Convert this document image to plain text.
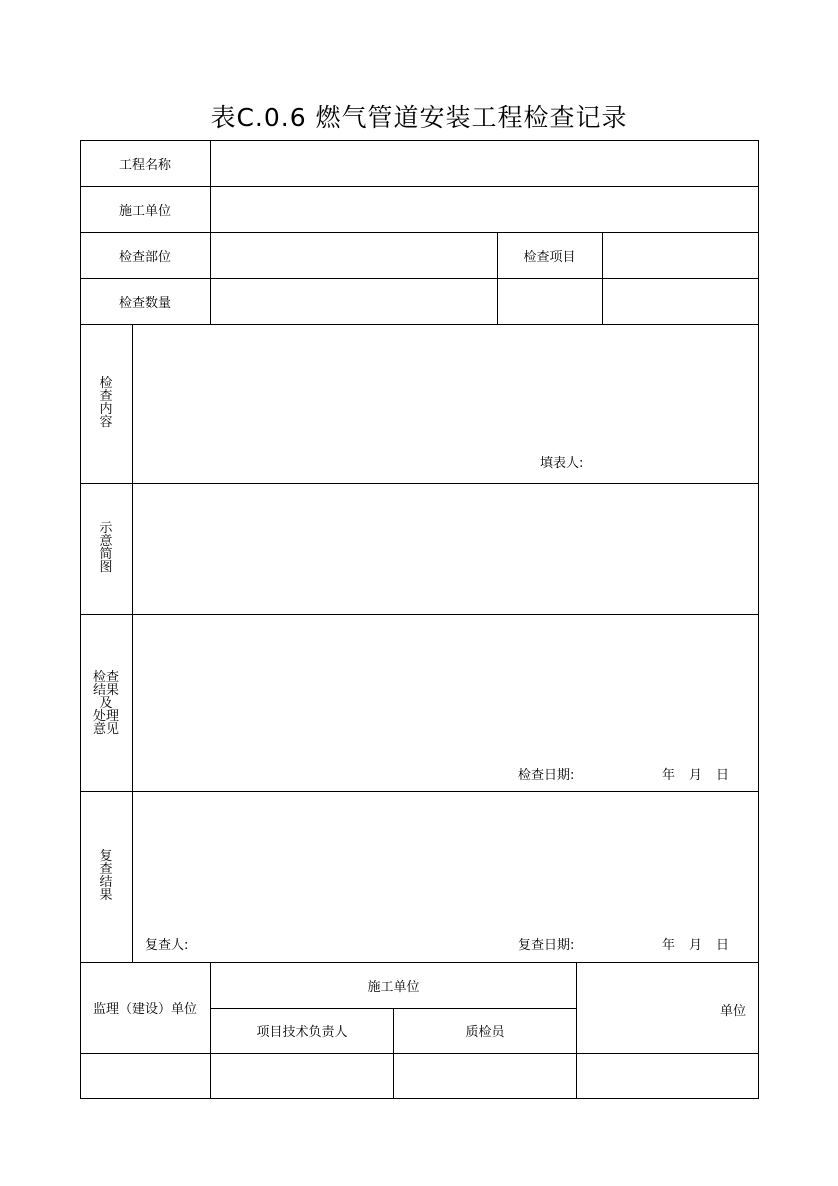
表C.0.6 燃气管道安装工程检查记录
工程名称
施工单位
检查部位	检查项目
检查数量
检
查
内
容
填表人:
示
意
简
图
检查
结果
及
处理
意见
检查日期:	年 月 日
复
查
结
果
复查人:	复查日期:	年 月 日
监理（建设）单位
施工单位
单位
项目技术负责人	质检员
